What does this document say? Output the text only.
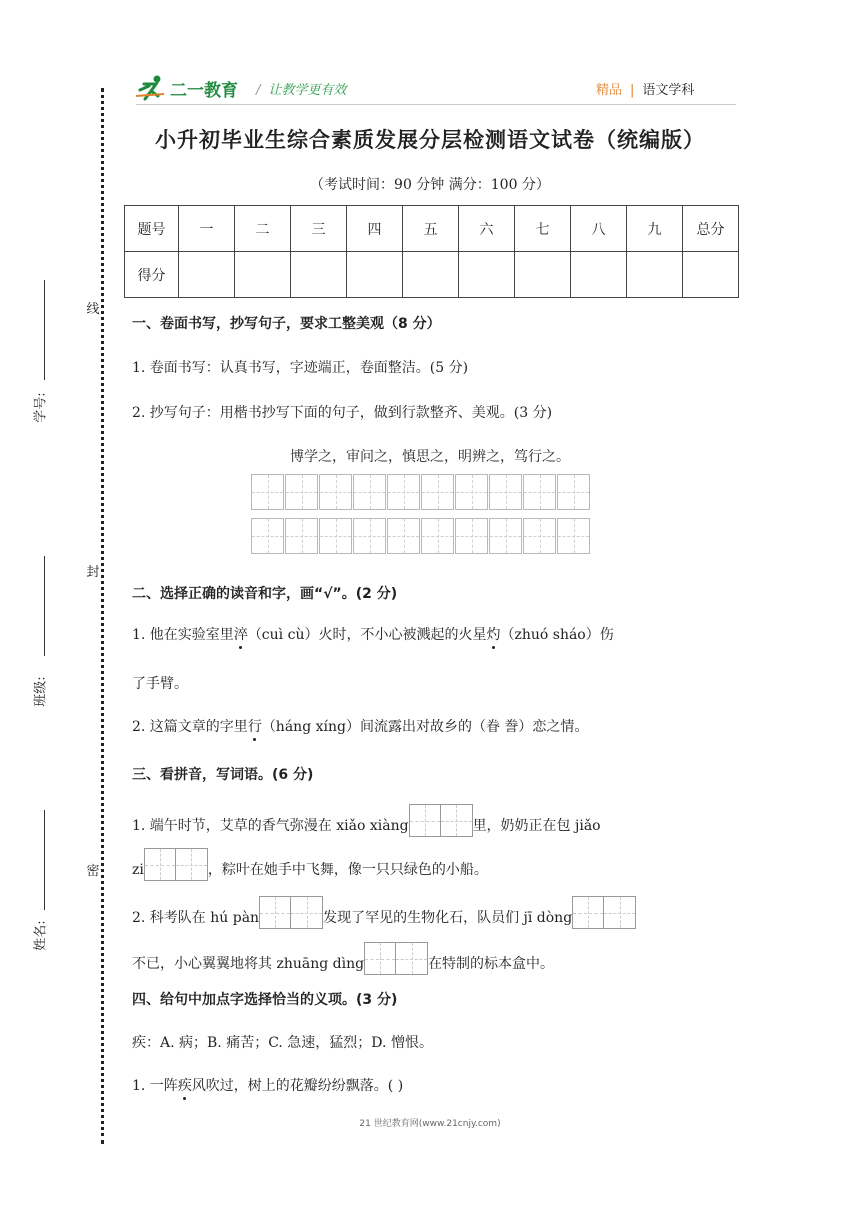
线
封
密
学号:
班级:
姓名:
二一教育 / 让教学更有效	精品 | 语文学科
小升初毕业生综合素质发展分层检测语文试卷（统编版）
（考试时间：90 分钟 满分：100 分）
题号	一	二	三	四	五	六	七	八	九	总分
得分										
一、卷面书写，抄写句子，要求工整美观（8 分）
1. 卷面书写：认真书写，字迹端正，卷面整洁。(5 分)
2. 抄写句子：用楷书抄写下面的句子，做到行款整齐、美观。(3 分)
博学之，审问之，慎思之，明辨之，笃行之。
二、选择正确的读音和字，画“√”。(2 分)
1. 他在实验室里淬（cuì cù）火时，不小心被溅起的火星灼（zhuó sháo）伤
了手臂。
2. 这篇文章的字里行（háng xíng）间流露出对故乡的（眷 誊）恋之情。
三、看拼音，写词语。(6 分)
1. 端午时节，艾草的香气弥漫在 xiǎo xiàng	里，奶奶正在包 jiǎo
zi	，粽叶在她手中飞舞，像一只只绿色的小船。
2. 科考队在 hú pàn	发现了罕见的生物化石，队员们 jī dòng
不已，小心翼翼地将其 zhuāng dìng	在特制的标本盒中。
四、给句中加点字选择恰当的义项。(3 分)
疾：A. 病；B. 痛苦；C. 急速，猛烈；D. 憎恨。
1. 一阵疾风吹过，树上的花瓣纷纷飘落。( )
21 世纪教育网(www.21cnjy.com)
